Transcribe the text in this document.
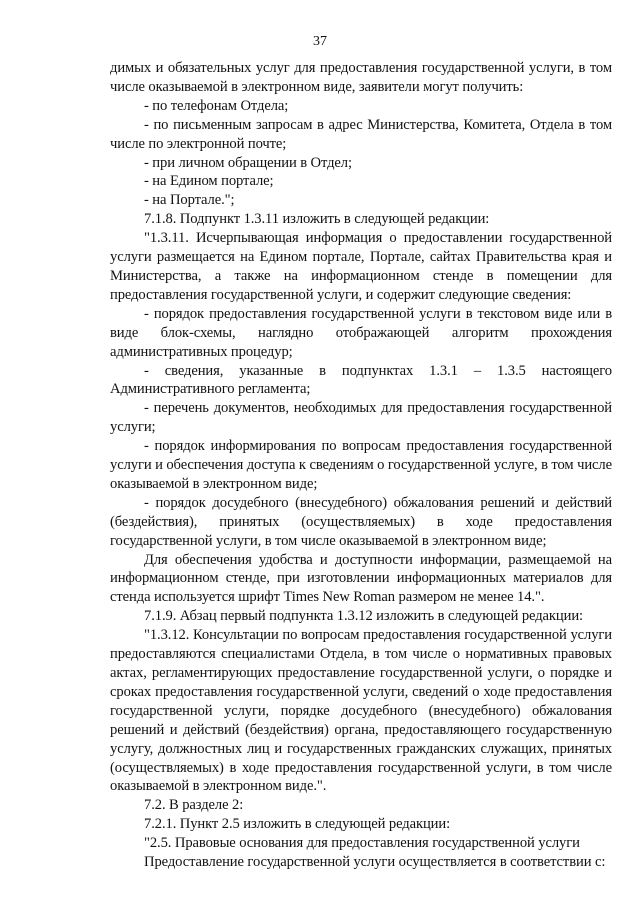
37

димых и обязательных услуг для предоставления государственной услуги, в том числе оказываемой в электронном виде, заявители могут получить:

- по телефонам Отдела;

- по письменным запросам в адрес Министерства, Комитета, Отдела в том числе по электронной почте;

- при личном обращении в Отдел;

- на Едином портале;

- на Портале.";

7.1.8. Подпункт 1.3.11 изложить в следующей редакции:

"1.3.11. Исчерпывающая информация о предоставлении государственной услуги размещается на Едином портале, Портале, сайтах Правительства края и Министерства, а также на информационном стенде в помещении для предоставления государственной услуги, и содержит следующие сведения:

- порядок предоставления государственной услуги в текстовом виде или в виде блок-схемы, наглядно отображающей алгоритм прохождения административных процедур;

- сведения, указанные в подпунктах 1.3.1 – 1.3.5 настоящего Административного регламента;

- перечень документов, необходимых для предоставления государственной услуги;

- порядок информирования по вопросам предоставления государственной услуги и обеспечения доступа к сведениям о государственной услуге, в том числе оказываемой в электронном виде;

- порядок досудебного (внесудебного) обжалования решений и действий (бездействия), принятых (осуществляемых) в ходе предоставления государственной услуги, в том числе оказываемой в электронном виде;

Для обеспечения удобства и доступности информации, размещаемой на информационном стенде, при изготовлении информационных материалов для стенда используется шрифт Times New Roman размером не менее 14.".

7.1.9. Абзац первый подпункта 1.3.12 изложить в следующей редакции:

"1.3.12. Консультации по вопросам предоставления государственной услуги предоставляются специалистами Отдела, в том числе о нормативных правовых актах, регламентирующих предоставление государственной услуги, о порядке и сроках предоставления государственной услуги, сведений о ходе предоставления государственной услуги, порядке досудебного (внесудебного) обжалования решений и действий (бездействия) органа, предоставляющего государственную услугу, должностных лиц и государственных гражданских служащих, принятых (осуществляемых) в ходе предоставления государственной услуги, в том числе оказываемой в электронном виде.".

7.2. В разделе 2:

7.2.1. Пункт 2.5 изложить в следующей редакции:

"2.5. Правовые основания для предоставления государственной услуги

Предоставление государственной услуги осуществляется в соответствии с:
